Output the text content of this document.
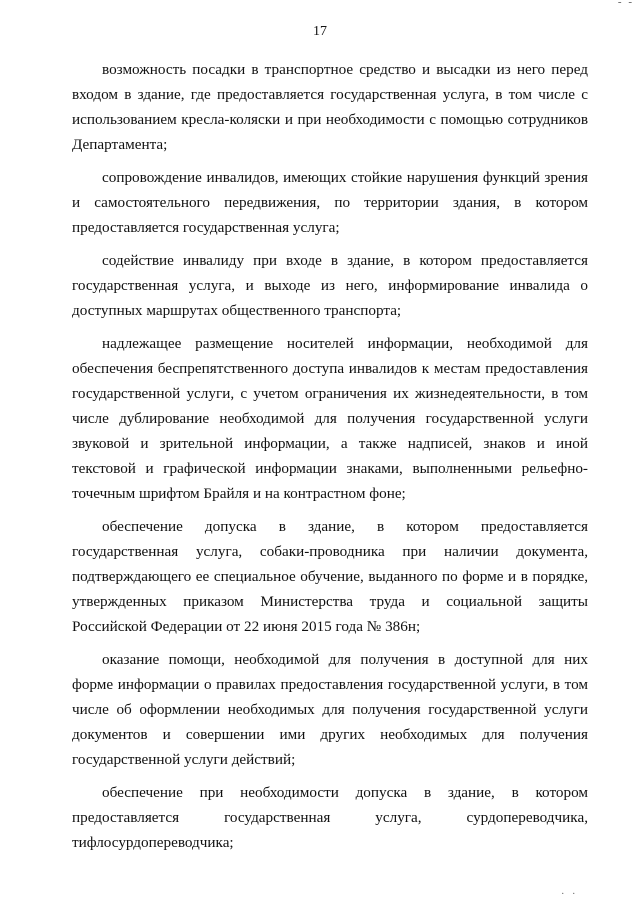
- -
17

возможность посадки в транспортное средство и высадки из него перед входом в здание, где предоставляется государственная услуга, в том числе с использованием кресла-коляски и при необходимости с помощью сотрудников Департамента;

сопровождение инвалидов, имеющих стойкие нарушения функций зрения и самостоятельного передвижения, по территории здания, в котором предоставляется государственная услуга;

содействие инвалиду при входе в здание, в котором предоставляется государственная услуга, и выходе из него, информирование инвалида о доступных маршрутах общественного транспорта;

надлежащее размещение носителей информации, необходимой для обеспечения беспрепятственного доступа инвалидов к местам предоставления государственной услуги, с учетом ограничения их жизнедеятельности, в том числе дублирование необходимой для получения государственной услуги звуковой и зрительной информации, а также надписей, знаков и иной текстовой и графической информации знаками, выполненными рельефно-точечным шрифтом Брайля и на контрастном фоне;

обеспечение допуска в здание, в котором предоставляется государственная услуга, собаки-проводника при наличии документа, подтверждающего ее специальное обучение, выданного по форме и в порядке, утвержденных приказом Министерства труда и социальной защиты Российской Федерации от 22 июня 2015 года № 386н;

оказание помощи, необходимой для получения в доступной для них форме информации о правилах предоставления государственной услуги, в том числе об оформлении необходимых для получения государственной услуги документов и совершении ими других необходимых для получения государственной услуги действий;

обеспечение при необходимости допуска в здание, в котором предоставляется государственная услуга, сурдопереводчика, тифлосурдопереводчика;

. .
